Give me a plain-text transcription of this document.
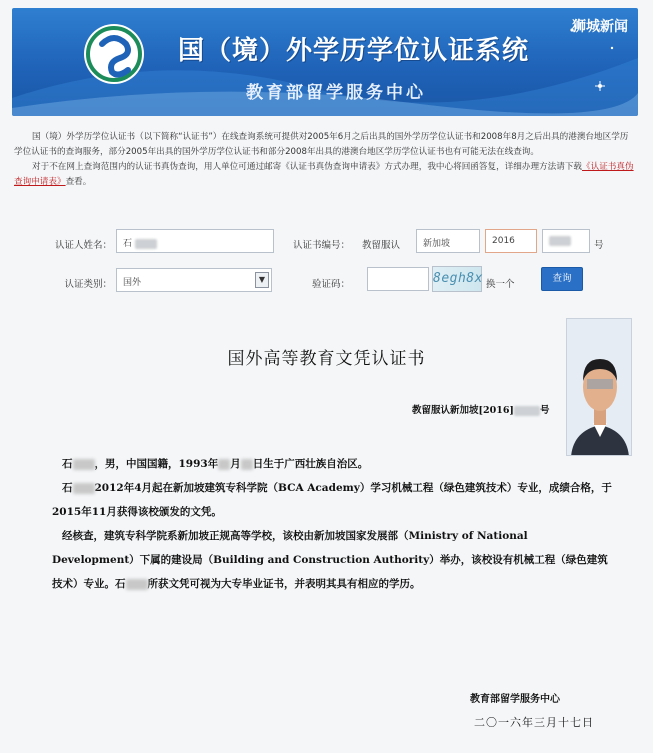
国（境）外学历学位认证系统
教育部留学服务中心
狮城新闻

国（境）外学历学位认证书（以下简称“认证书”）在线查询系统可提供对2005年6月之后出具的国外学历学位认证书和2008年8月之后出具的港澳台地区学历学位认证书的查询服务，部分2005年出具的国外学历学位认证书和部分2008年出具的港澳台地区学历学位认证书也有可能无法在线查询。

对于不在网上查询范围内的认证书真伪查询，用人单位可通过邮寄《认证书真伪查询申请表》方式办理，我中心将回函答复，详细办理方法请下载《认证书真伪查询申请表》查看。

认证人姓名：	石	认证书编号： 教留服认	新加坡	2016	号
认证类别：	国外	▼	验证码：	8egh8x 换一个
查询
国外高等教育文凭认证书
教留服认新加坡[2016]	号

石 ，男，中国国籍，1993年 月 日生于广西壮族自治区。

石 2012年4月起在新加坡建筑专科学院（BCA Academy）学习机械工程（绿色建筑技术）专业，成绩合格，于2015年11月获得该校颁发的文凭。

经核查，建筑专科学院系新加坡正规高等学校，该校由新加坡国家发展部（Ministry of National Development）下属的建设局（Building and Construction Authority）举办，该校设有机械工程（绿色建筑技术）专业。石 所获文凭可视为大专毕业证书，并表明其具有相应的学历。

教育部留学服务中心
二〇一六年三月十七日
